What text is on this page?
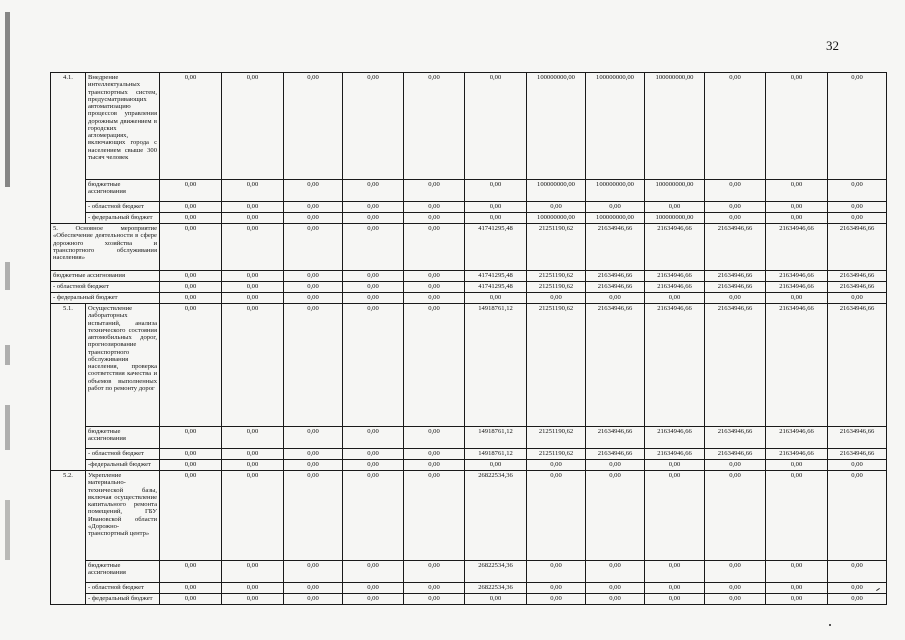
32
4.1.	Внедрение интеллектуальных транспортных систем, предусматривающих автоматизацию процессов управления дорожным движением в городских агломерациях, включающих города с населением свыше 300 тысяч человек	0,00	0,00	0,00	0,00	0,00	0,00	100000000,00	100000000,00	100000000,00	0,00	0,00	0,00
	бюджетные ассигнования	0,00	0,00	0,00	0,00	0,00	0,00	100000000,00	100000000,00	100000000,00	0,00	0,00	0,00
	- областной бюджет	0,00	0,00	0,00	0,00	0,00	0,00	0,00	0,00	0,00	0,00	0,00	0,00
	- федеральный бюджет	0,00	0,00	0,00	0,00	0,00	0,00	100000000,00	100000000,00	100000000,00	0,00	0,00	0,00
5. Основное мероприятие «Обеспечение деятельности в сфере дорожного хозяйства и транспортного обслуживания населения»		0,00	0,00	0,00	0,00	0,00	41741295,48	21251190,62	21634946,66	21634946,66	21634946,66	21634946,66	21634946,66
бюджетные ассигнования		0,00	0,00	0,00	0,00	0,00	41741295,48	21251190,62	21634946,66	21634946,66	21634946,66	21634946,66	21634946,66
- областной бюджет		0,00	0,00	0,00	0,00	0,00	41741295,48	21251190,62	21634946,66	21634946,66	21634946,66	21634946,66	21634946,66
- федеральный бюджет		0,00	0,00	0,00	0,00	0,00	0,00	0,00	0,00	0,00	0,00	0,00	0,00
5.1.	Осуществление лабораторных испытаний, анализа технического состояния автомобильных дорог, прогнозирование транспортного обслуживания населения, проверка соответствия качества и объемов выполненных работ по ремонту дорог	0,00	0,00	0,00	0,00	0,00	14918761,12	21251190,62	21634946,66	21634946,66	21634946,66	21634946,66	21634946,66
	бюджетные ассигнования	0,00	0,00	0,00	0,00	0,00	14918761,12	21251190,62	21634946,66	21634946,66	21634946,66	21634946,66	21634946,66
	- областной бюджет	0,00	0,00	0,00	0,00	0,00	14918761,12	21251190,62	21634946,66	21634946,66	21634946,66	21634946,66	21634946,66
	-федеральный бюджет	0,00	0,00	0,00	0,00	0,00	0,00	0,00	0,00	0,00	0,00	0,00	0,00
5.2.	Укрепление материально-технической базы, включая осуществление капитального ремонта помещений, ГБУ Ивановской области «Дорожно-транспортный центр»	0,00	0,00	0,00	0,00	0,00	26822534,36	0,00	0,00	0,00	0,00	0,00	0,00
	бюджетные ассигнования	0,00	0,00	0,00	0,00	0,00	26822534,36	0,00	0,00	0,00	0,00	0,00	0,00
	- областной бюджет	0,00	0,00	0,00	0,00	0,00	26822534,36	0,00	0,00	0,00	0,00	0,00	0,00
	- федеральный бюджет	0,00	0,00	0,00	0,00	0,00	0,00	0,00	0,00	0,00	0,00	0,00	0,00
